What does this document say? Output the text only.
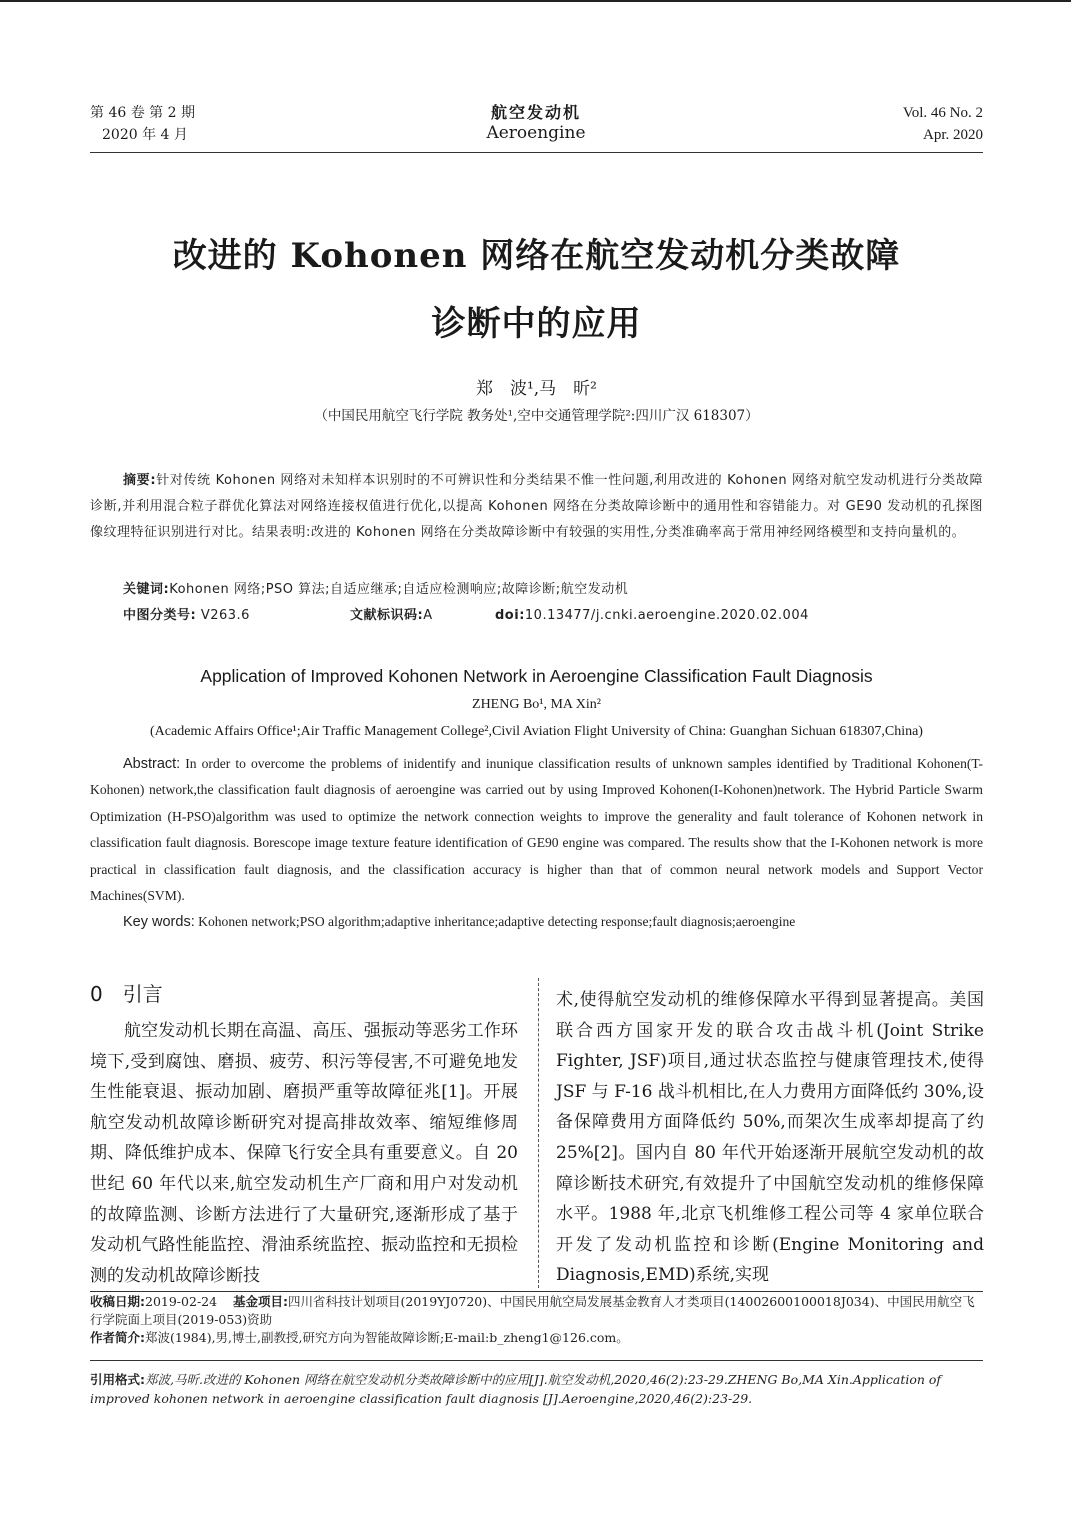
第 46 卷 第 2 期
2020 年 4 月
航空发动机
Aeroengine
Vol. 46 No. 2
Apr. 2020
改进的 Kohonen 网络在航空发动机分类故障
诊断中的应用
郑　波¹,马　昕²
（中国民用航空飞行学院 教务处¹,空中交通管理学院²:四川广汉 618307）
摘要:针对传统 Kohonen 网络对未知样本识别时的不可辨识性和分类结果不惟一性问题,利用改进的 Kohonen 网络对航空发动机进行分类故障诊断,并利用混合粒子群优化算法对网络连接权值进行优化,以提高 Kohonen 网络在分类故障诊断中的通用性和容错能力。对 GE90 发动机的孔探图像纹理特征识别进行对比。结果表明:改进的 Kohonen 网络在分类故障诊断中有较强的实用性,分类准确率高于常用神经网络模型和支持向量机的。
关键词:Kohonen 网络;PSO 算法;自适应继承;自适应检测响应;故障诊断;航空发动机
中图分类号: V263.6	文献标识码:A	doi:10.13477/j.cnki.aeroengine.2020.02.004
Application of Improved Kohonen Network in Aeroengine Classification Fault Diagnosis
ZHENG Bo¹, MA Xin²
(Academic Affairs Office¹;Air Traffic Management College²,Civil Aviation Flight University of China: Guanghan Sichuan 618307,China)
Abstract: In order to overcome the problems of inidentify and inunique classification results of unknown samples identified by Traditional Kohonen(T-Kohonen) network,the classification fault diagnosis of aeroengine was carried out by using Improved Kohonen(I-Kohonen)network. The Hybrid Particle Swarm Optimization (H-PSO)algorithm was used to optimize the network connection weights to improve the generality and fault tolerance of Kohonen network in classification fault diagnosis. Borescope image texture feature identification of GE90 engine was compared. The results show that the I-Kohonen network is more practical in classification fault diagnosis, and the classification accuracy is higher than that of common neural network models and Support Vector Machines(SVM).
Key words: Kohonen network;PSO algorithm;adaptive inheritance;adaptive detecting response;fault diagnosis;aeroengine
0　引言
航空发动机长期在高温、高压、强振动等恶劣工作环境下,受到腐蚀、磨损、疲劳、积污等侵害,不可避免地发生性能衰退、振动加剧、磨损严重等故障征兆[1]。开展航空发动机故障诊断研究对提高排故效率、缩短维修周期、降低维护成本、保障飞行安全具有重要意义。自 20 世纪 60 年代以来,航空发动机生产厂商和用户对发动机的故障监测、诊断方法进行了大量研究,逐渐形成了基于发动机气路性能监控、滑油系统监控、振动监控和无损检测的发动机故障诊断技
术,使得航空发动机的维修保障水平得到显著提高。美国联合西方国家开发的联合攻击战斗机(Joint Strike Fighter, JSF)项目,通过状态监控与健康管理技术,使得 JSF 与 F-16 战斗机相比,在人力费用方面降低约 30%,设备保障费用方面降低约 50%,而架次生成率却提高了约 25%[2]。国内自 80 年代开始逐渐开展航空发动机的故障诊断技术研究,有效提升了中国航空发动机的维修保障水平。1988 年,北京飞机维修工程公司等 4 家单位联合开发了发动机监控和诊断(Engine Monitoring and Diagnosis,EMD)系统,实现
收稿日期:2019-02-24 基金项目:四川省科技计划项目(2019YJ0720)、中国民用航空局发展基金教育人才类项目(14002600100018J034)、中国民用航空飞行学院面上项目(2019-053)资助
作者简介:郑波(1984),男,博士,副教授,研究方向为智能故障诊断;E-mail:b_zheng1@126.com。
引用格式:郑波,马昕.改进的 Kohonen 网络在航空发动机分类故障诊断中的应用[J].航空发动机,2020,46(2):23-29.ZHENG Bo,MA Xin.Application of improved kohonen network in aeroengine classification fault diagnosis [J].Aeroengine,2020,46(2):23-29.
